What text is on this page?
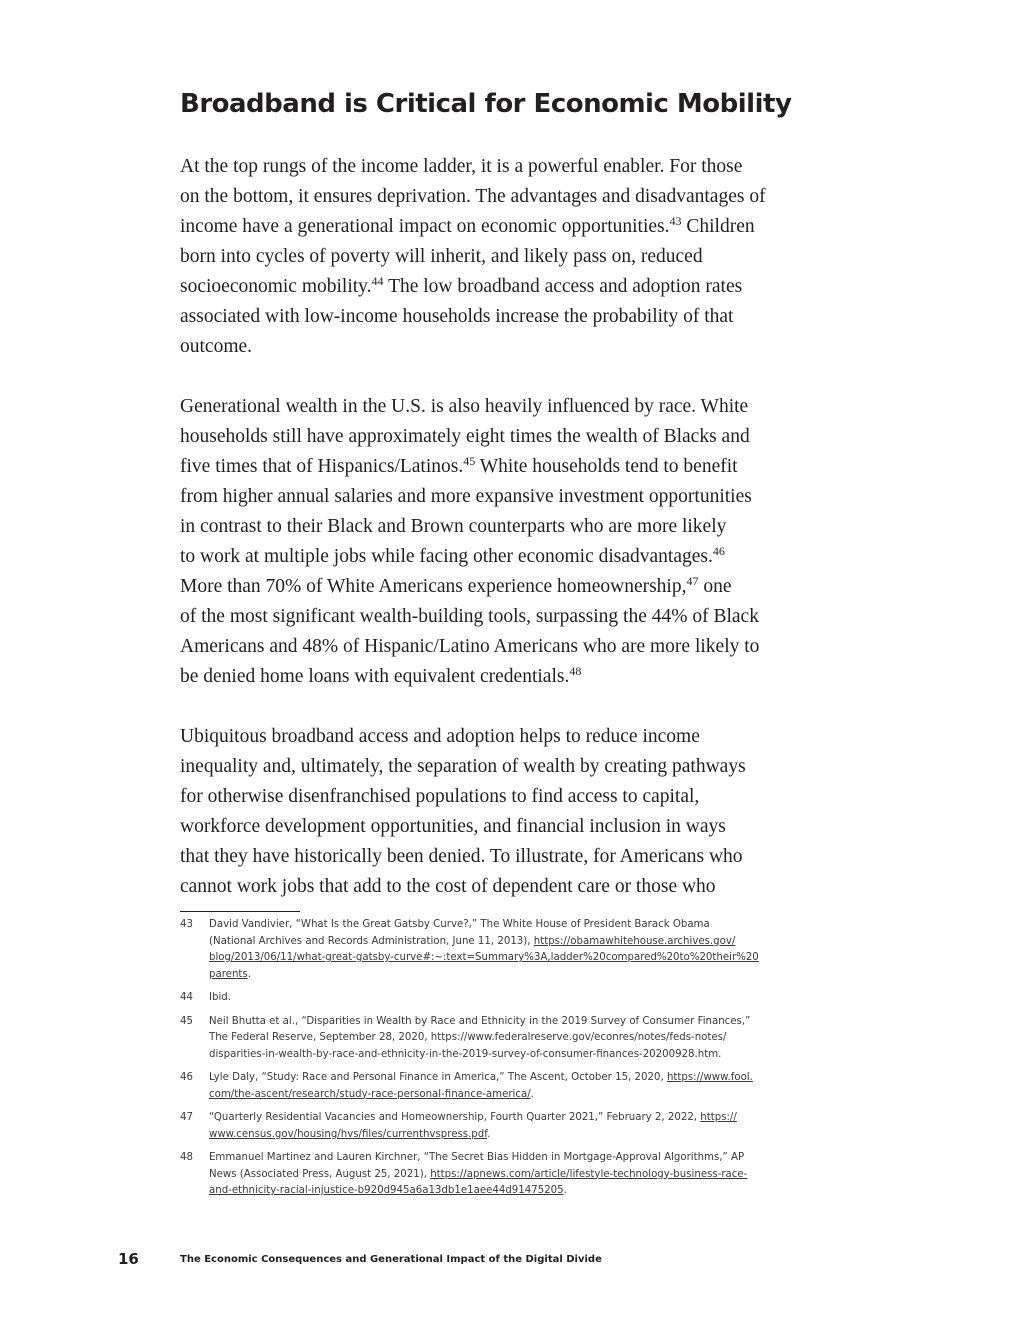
Broadband is Critical for Economic Mobility

At the top rungs of the income ladder, it is a powerful enabler. For those
on the bottom, it ensures deprivation. The advantages and disadvantages of
income have a generational impact on economic opportunities.$^{43}$ Children
born into cycles of poverty will inherit, and likely pass on, reduced
socioeconomic mobility.$^{44}$ The low broadband access and adoption rates
associated with low-income households increase the probability of that
outcome.

Generational wealth in the U.S. is also heavily influenced by race. White
households still have approximately eight times the wealth of Blacks and
five times that of Hispanics/Latinos.$^{45}$ White households tend to benefit
from higher annual salaries and more expansive investment opportunities
in contrast to their Black and Brown counterparts who are more likely
to work at multiple jobs while facing other economic disadvantages.$^{46}$
More than 70% of White Americans experience homeownership,$^{47}$ one
of the most significant wealth-building tools, surpassing the 44% of Black
Americans and 48% of Hispanic/Latino Americans who are more likely to
be denied home loans with equivalent credentials.$^{48}$

Ubiquitous broadband access and adoption helps to reduce income
inequality and, ultimately, the separation of wealth by creating pathways
for otherwise disenfranchised populations to find access to capital,
workforce development opportunities, and financial inclusion in ways
that they have historically been denied. To illustrate, for Americans who
cannot work jobs that add to the cost of dependent care or those who

43 David Vandivier, “What Is the Great Gatsby Curve?,” The White House of President Barack Obama
(National Archives and Records Administration, June 11, 2013), https://obamawhitehouse.archives.gov/
blog/2013/06/11/what-great-gatsby-curve#:~:text=Summary%3A,ladder%20compared%20to%20their%20
parents.
44 Ibid.
45 Neil Bhutta et al., “Disparities in Wealth by Race and Ethnicity in the 2019 Survey of Consumer Finances,”
The Federal Reserve, September 28, 2020, https://www.federalreserve.gov/econres/notes/feds-notes/
disparities-in-wealth-by-race-and-ethnicity-in-the-2019-survey-of-consumer-finances-20200928.htm.
46 Lyle Daly, “Study: Race and Personal Finance in America,” The Ascent, October 15, 2020, https://www.fool.
com/the-ascent/research/study-race-personal-finance-america/.
47 “Quarterly Residential Vacancies and Homeownership, Fourth Quarter 2021,” February 2, 2022, https://
www.census.gov/housing/hvs/files/currenthvspress.pdf.
48 Emmanuel Martinez and Lauren Kirchner, “The Secret Bias Hidden in Mortgage-Approval Algorithms,” AP
News (Associated Press, August 25, 2021), https://apnews.com/article/lifestyle-technology-business-race-
and-ethnicity-racial-injustice-b920d945a6a13db1e1aee44d91475205.
16	The Economic Consequences and Generational Impact of the Digital Divide
